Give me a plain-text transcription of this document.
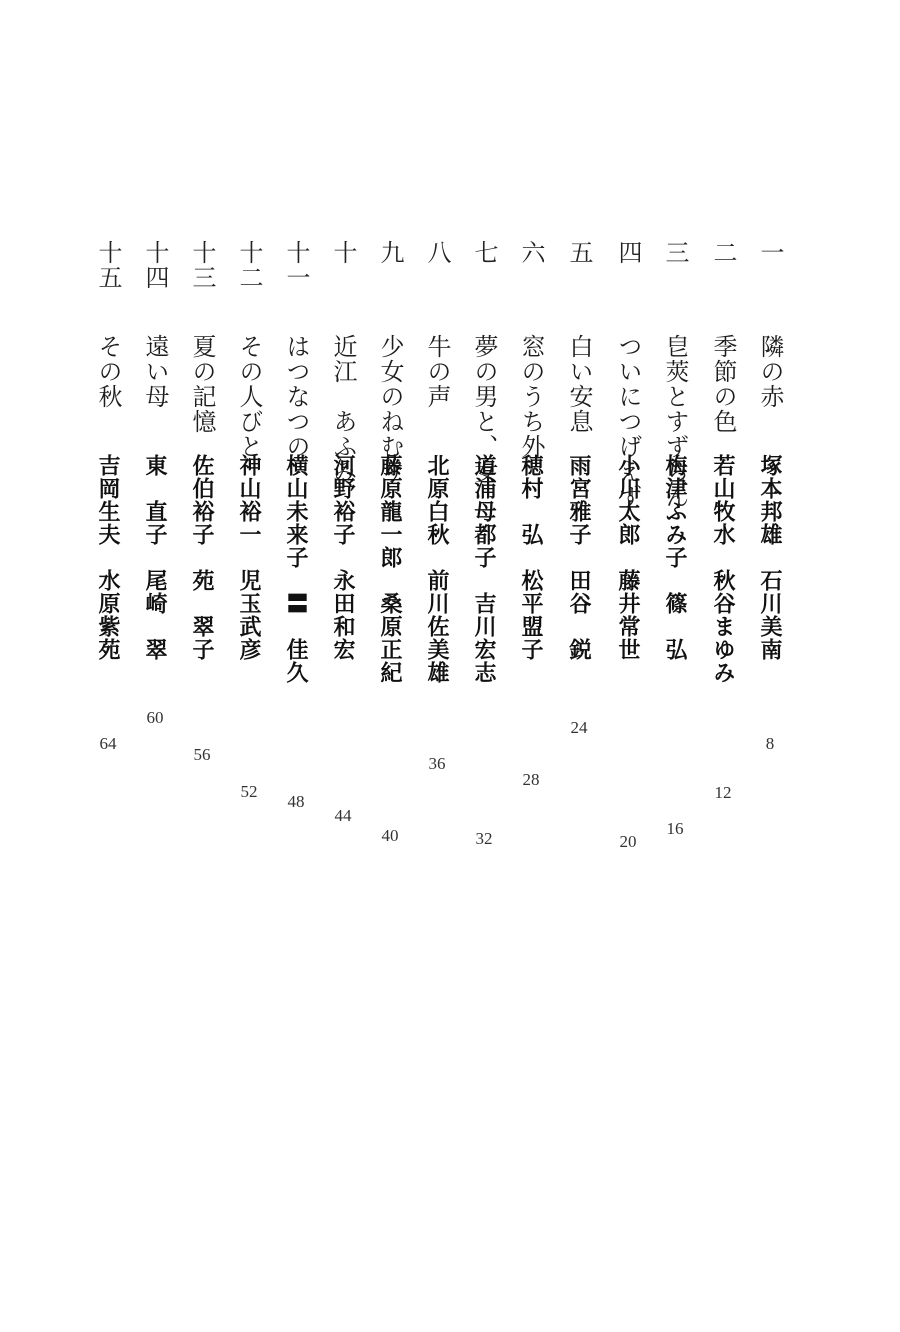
一
隣の赤
塚本邦雄　石川美南
8
二
季節の色
若山牧水　秋谷まゆみ
12
三
皀莢とすずらん
梅津ふみ子　篠　弘
16
四
ついにつげえず
小川太郎　藤井常世
20
五
白い安息
雨宮雅子　田谷　鋭
24
六
窓のうち外
穂村　弘　松平盟子
28
七
夢の男と、女
道浦母都子　吉川宏志
32
八
牛の声
北原白秋　前川佐美雄
36
九
少女のねむり
藤原龍一郎　桑原正紀
40
十
近江　あふみ
河野裕子　永田和宏
44
十一
はつなつの
横山未来子　〓　佳久
48
十二
その人びと
神山裕一　児玉武彦
52
十三
夏の記憶
佐伯裕子　苑　翠子
56
十四
遠い母
東　直子　尾崎　翠
60
十五
その秋
吉岡生夫　水原紫苑
64
